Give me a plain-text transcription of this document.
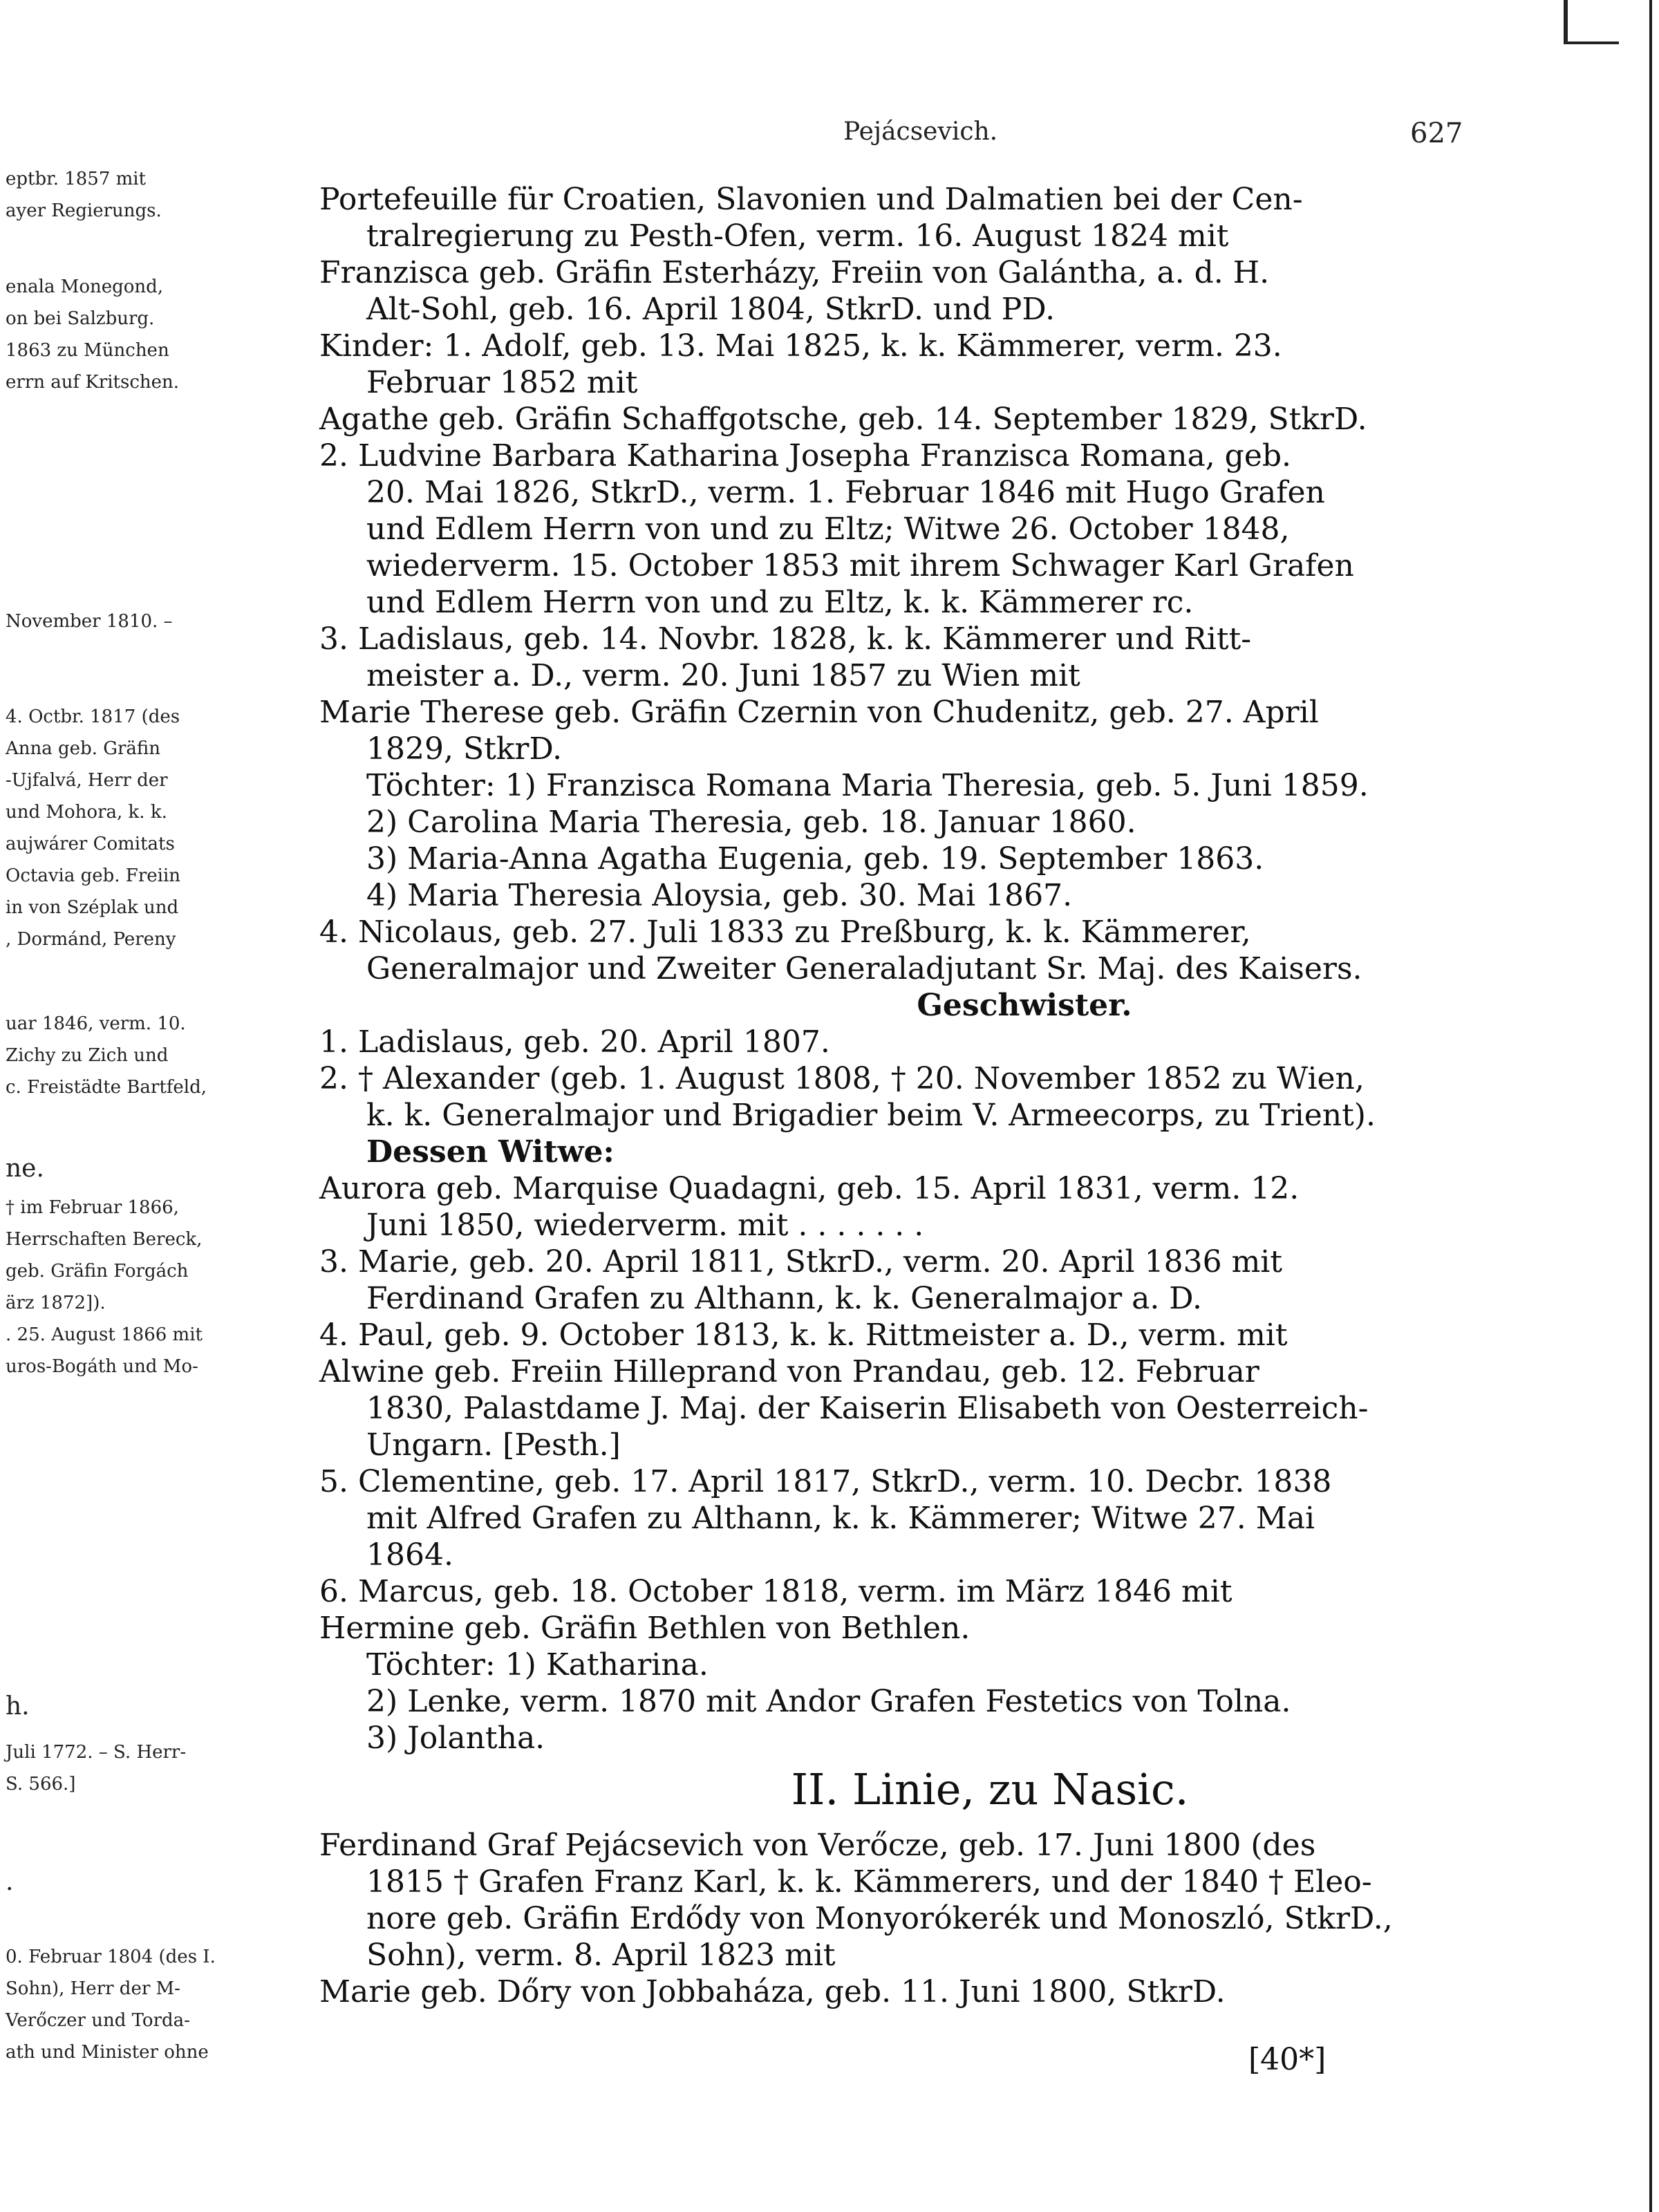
eptbr. 1857 mit
ayer Regierungs.
enala Monegond,
on bei Salzburg.
1863 zu München
errn auf Kritschen.
November 1810. –
4. Octbr. 1817 (des
Anna geb. Gräfin
-Ujfalvá, Herr der
und Mohora, k. k.
aujwárer Comitats
Octavia geb. Freiin
in von Széplak und
, Dormánd, Pereny
uar 1846, verm. 10.
Zichy zu Zich und
c. Freistädte Bartfeld,
ne.
† im Februar 1866,
Herrschaften Bereck,
geb. Gräfin Forgách
ärz 1872]).
. 25. August 1866 mit
uros-Bogáth und Mo-
h.
Juli 1772. – S. Herr-
S. 566.]
.
0. Februar 1804 (des I.
Sohn), Herr der M-
Verőczer und Torda-
ath und Minister ohne
Pejácsevich.	627
Portefeuille für Croatien, Slavonien und Dalmatien bei der Cen-
tralregierung zu Pesth-Ofen, verm. 16. August 1824 mit
Franzisca geb. Gräfin Esterházy, Freiin von Galántha, a. d. H.
Alt-Sohl, geb. 16. April 1804, StkrD. und PD.
Kinder: 1. Adolf, geb. 13. Mai 1825, k. k. Kämmerer, verm. 23.
Februar 1852 mit
Agathe geb. Gräfin Schaffgotsche, geb. 14. September 1829, StkrD.
2. Ludvine Barbara Katharina Josepha Franzisca Romana, geb.
20. Mai 1826, StkrD., verm. 1. Februar 1846 mit Hugo Grafen
und Edlem Herrn von und zu Eltz; Witwe 26. October 1848,
wiederverm. 15. October 1853 mit ihrem Schwager Karl Grafen
und Edlem Herrn von und zu Eltz, k. k. Kämmerer rc.
3. Ladislaus, geb. 14. Novbr. 1828, k. k. Kämmerer und Ritt-
meister a. D., verm. 20. Juni 1857 zu Wien mit
Marie Therese geb. Gräfin Czernin von Chudenitz, geb. 27. April
1829, StkrD.
Töchter: 1) Franzisca Romana Maria Theresia, geb. 5. Juni 1859.
2) Carolina Maria Theresia, geb. 18. Januar 1860.
3) Maria-Anna Agatha Eugenia, geb. 19. September 1863.
4) Maria Theresia Aloysia, geb. 30. Mai 1867.
4. Nicolaus, geb. 27. Juli 1833 zu Preßburg, k. k. Kämmerer,
Generalmajor und Zweiter Generaladjutant Sr. Maj. des Kaisers.
Geschwister.
1. Ladislaus, geb. 20. April 1807.
2. † Alexander (geb. 1. August 1808, † 20. November 1852 zu Wien,
k. k. Generalmajor und Brigadier beim V. Armeecorps, zu Trient).
Dessen Witwe:
Aurora geb. Marquise Quadagni, geb. 15. April 1831, verm. 12.
Juni 1850, wiederverm. mit . . . . . . .
3. Marie, geb. 20. April 1811, StkrD., verm. 20. April 1836 mit
Ferdinand Grafen zu Althann, k. k. Generalmajor a. D.
4. Paul, geb. 9. October 1813, k. k. Rittmeister a. D., verm. mit
Alwine geb. Freiin Hilleprand von Prandau, geb. 12. Februar
1830, Palastdame J. Maj. der Kaiserin Elisabeth von Oesterreich-
Ungarn. [Pesth.]
5. Clementine, geb. 17. April 1817, StkrD., verm. 10. Decbr. 1838
mit Alfred Grafen zu Althann, k. k. Kämmerer; Witwe 27. Mai
1864.
6. Marcus, geb. 18. October 1818, verm. im März 1846 mit
Hermine geb. Gräfin Bethlen von Bethlen.
Töchter: 1) Katharina.
2) Lenke, verm. 1870 mit Andor Grafen Festetics von Tolna.
3) Jolantha.
II. Linie, zu Nasic.
Ferdinand Graf Pejácsevich von Verőcze, geb. 17. Juni 1800 (des
1815 † Grafen Franz Karl, k. k. Kämmerers, und der 1840 † Eleo-
nore geb. Gräfin Erdődy von Monyorókerék und Monoszló, StkrD.,
Sohn), verm. 8. April 1823 mit
Marie geb. Dőry von Jobbaháza, geb. 11. Juni 1800, StkrD.
[40*]
